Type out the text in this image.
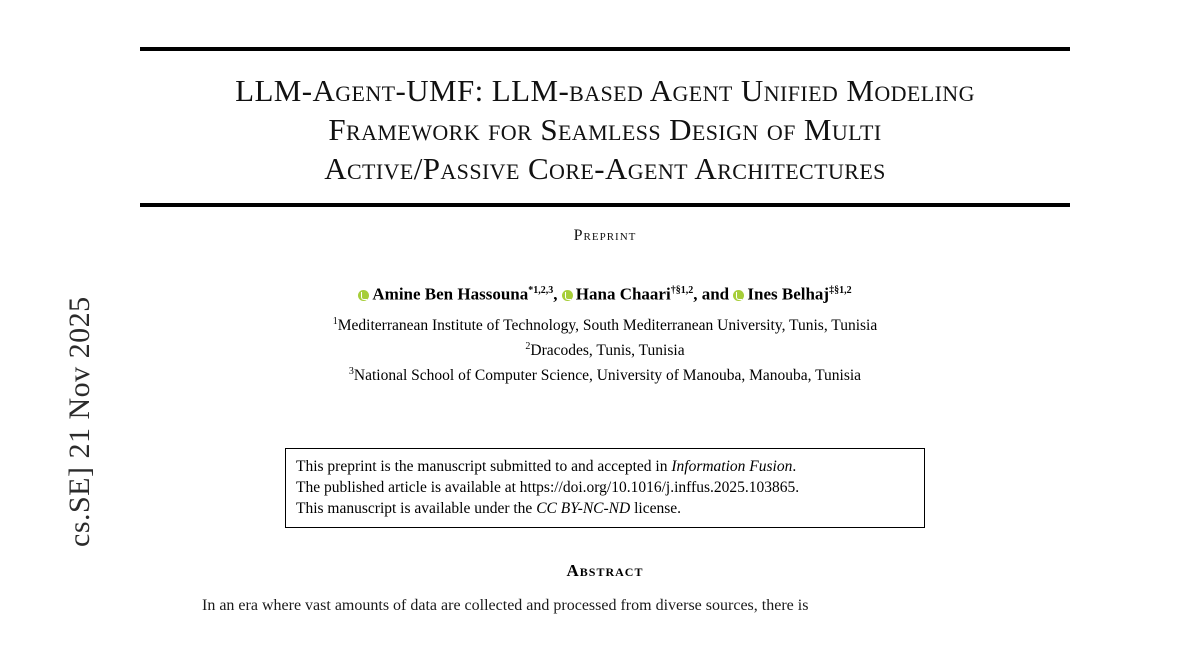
cs.SE] 21 Nov 2025
LLM-Agent-UMF: LLM-based Agent Unified Modeling
Framework for Seamless Design of Multi
Active/Passive Core-Agent Architectures
Preprint
Amine Ben Hassouna$^{*1,2,3}$, Hana Chaari$^{\dagger\S 1,2}$, and Ines Belhaj$^{\ddagger\S 1,2}$
$^1$Mediterranean Institute of Technology, South Mediterranean University, Tunis, Tunisia
$^2$Dracodes, Tunis, Tunisia
$^3$National School of Computer Science, University of Manouba, Manouba, Tunisia
This preprint is the manuscript submitted to and accepted in Information Fusion.
The published article is available at https://doi.org/10.1016/j.inffus.2025.103865.
This manuscript is available under the CC BY-NC-ND license.
Abstract
In an era where vast amounts of data are collected and processed from diverse sources, there is
